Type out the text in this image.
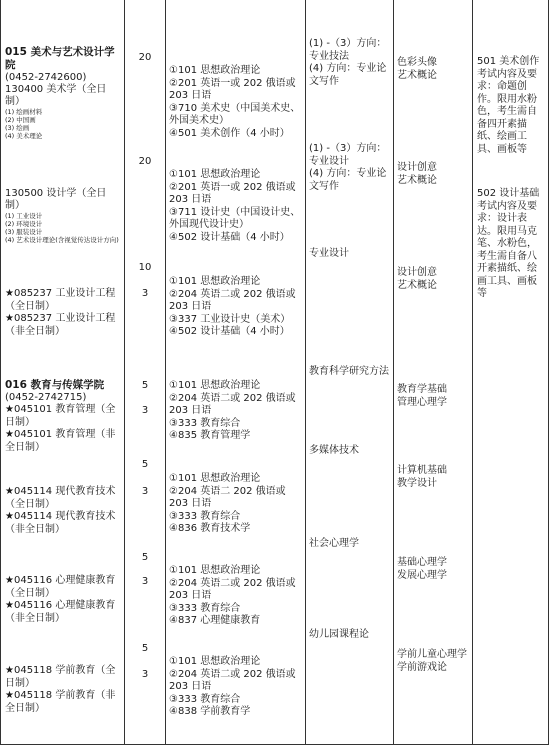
015 美术与艺术设计学院

(0452-2742600)

130400 美术学（全日制）

(1) 绘画材料

(2) 中国画

(3) 绘画

(4) 美术理论

130500 设计学（全日制）

(1) 工业设计

(2) 环境设计

(3) 服装设计

(4) 艺术设计理论(含视觉传达设计方向)

★085237 工业设计工程（全日制）

★085237 工业设计工程（非全日制）

016 教育与传媒学院

(0452-2742715)

★045101 教育管理（全日制）

★045101 教育管理（非全日制）

★045114 现代教育技术（全日制）

★045114 现代教育技术（非全日制）

★045116 心理健康教育（全日制）

★045116 心理健康教育（非全日制）

★045118 学前教育（全日制）

★045118 学前教育（非全日制）

20
20
10
3
5
3
5
3
5
3
5
3

①101 思想政治理论

②201 英语一或 202 俄语或 203 日语

③710 美术史（中国美术史、外国美术史）

④501 美术创作（4 小时）

①101 思想政治理论

②201 英语一或 202 俄语或 203 日语

③711 设计史（中国设计史、外国现代设计史）

④502 设计基础（4 小时）

①101 思想政治理论

②204 英语二或 202 俄语或 203 日语

③337 工业设计史（美术）

④502 设计基础（4 小时）

①101 思想政治理论

②204 英语二或 202 俄语或 203 日语

③333 教育综合

④835 教育管理学

①101 思想政治理论

②204 英语二 202 俄语或 203 日语

③333 教育综合

④836 教育技术学

①101 思想政治理论

②204 英语二或 202 俄语或 203 日语

③333 教育综合

④837 心理健康教育

①101 思想政治理论

②204 英语二或 202 俄语或 203 日语

③333 教育综合

④838 学前教育学

(1) -（3）方向：专业技法

(4) 方向：专业论文写作

(1) -（3）方向：专业设计

(4) 方向：专业论文写作

专业设计

教育科学研究方法

多媒体技术

社会心理学

幼儿园课程论

色彩头像

艺术概论

设计创意

艺术概论

设计创意

艺术概论

教育学基础

管理心理学

计算机基础

教学设计

基础心理学

发展心理学

学前儿童心理学

学前游戏论

501 美术创作考试内容及要求：命题创作。限用水粉色，考生需自备四开素描纸、绘画工具、画板等

502 设计基础考试内容及要求：设计表达。限用马克笔、水粉色，考生需自备八开素描纸、绘画工具、画板等
